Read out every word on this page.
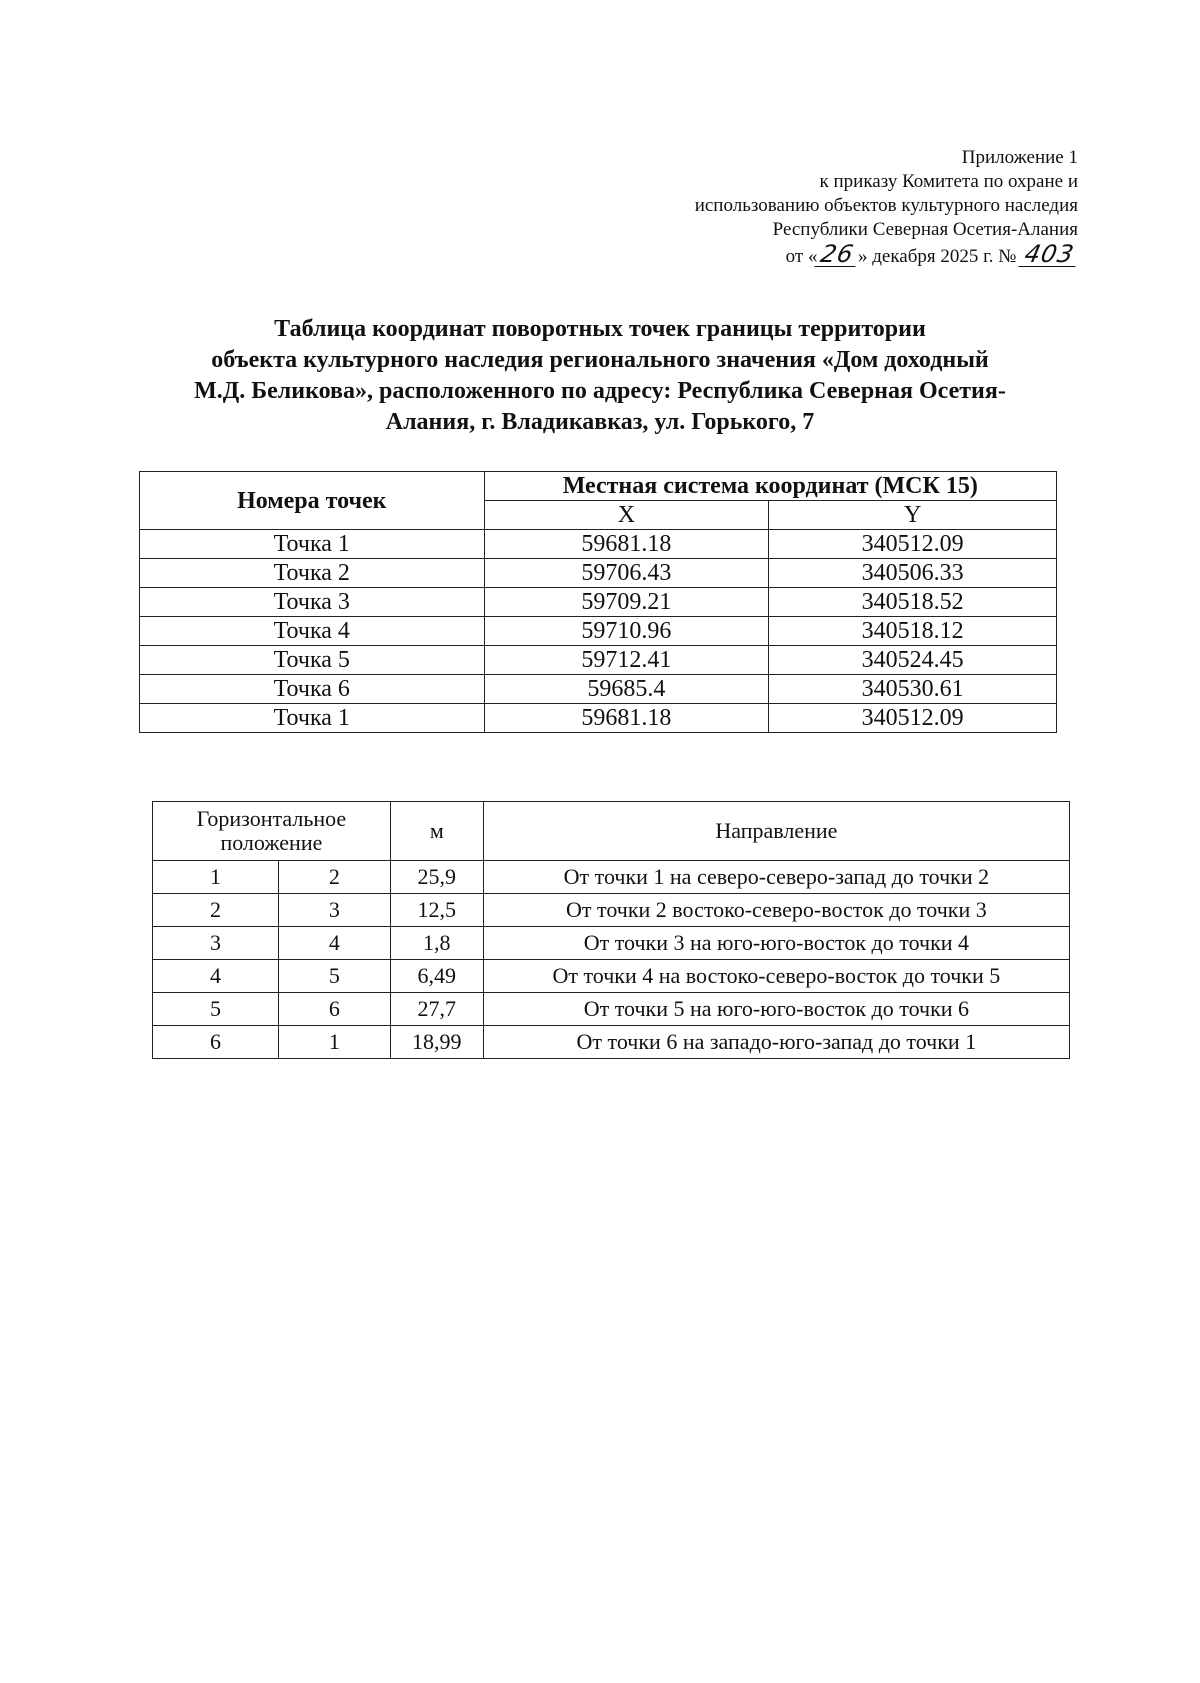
Приложение 1
к приказу Комитета по охране и
использованию объектов культурного наследия
Республики Северная Осетия-Алания
от «26» декабря 2025 г. № 403
Таблица координат поворотных точек границы территории
объекта культурного наследия регионального значения «Дом доходный
М.Д. Беликова», расположенного по адресу: Республика Северная Осетия-
Алания, г. Владикавказ, ул. Горького, 7
Номера точек	Местная система координат (МСК 15)	
	X	Y
Точка 1	59681.18	340512.09
Точка 2	59706.43	340506.33
Точка 3	59709.21	340518.52
Точка 4	59710.96	340518.12
Точка 5	59712.41	340524.45
Точка 6	59685.4	340530.61
Точка 1	59681.18	340512.09
Горизонтальное положение		м	Направление
1	2	25,9	От точки 1 на северо-северо-запад до точки 2
2	3	12,5	От точки 2 востоко-северо-восток до точки 3
3	4	1,8	От точки 3 на юго-юго-восток до точки 4
4	5	6,49	От точки 4 на востоко-северо-восток до точки 5
5	6	27,7	От точки 5 на юго-юго-восток до точки 6
6	1	18,99	От точки 6 на западо-юго-запад до точки 1
